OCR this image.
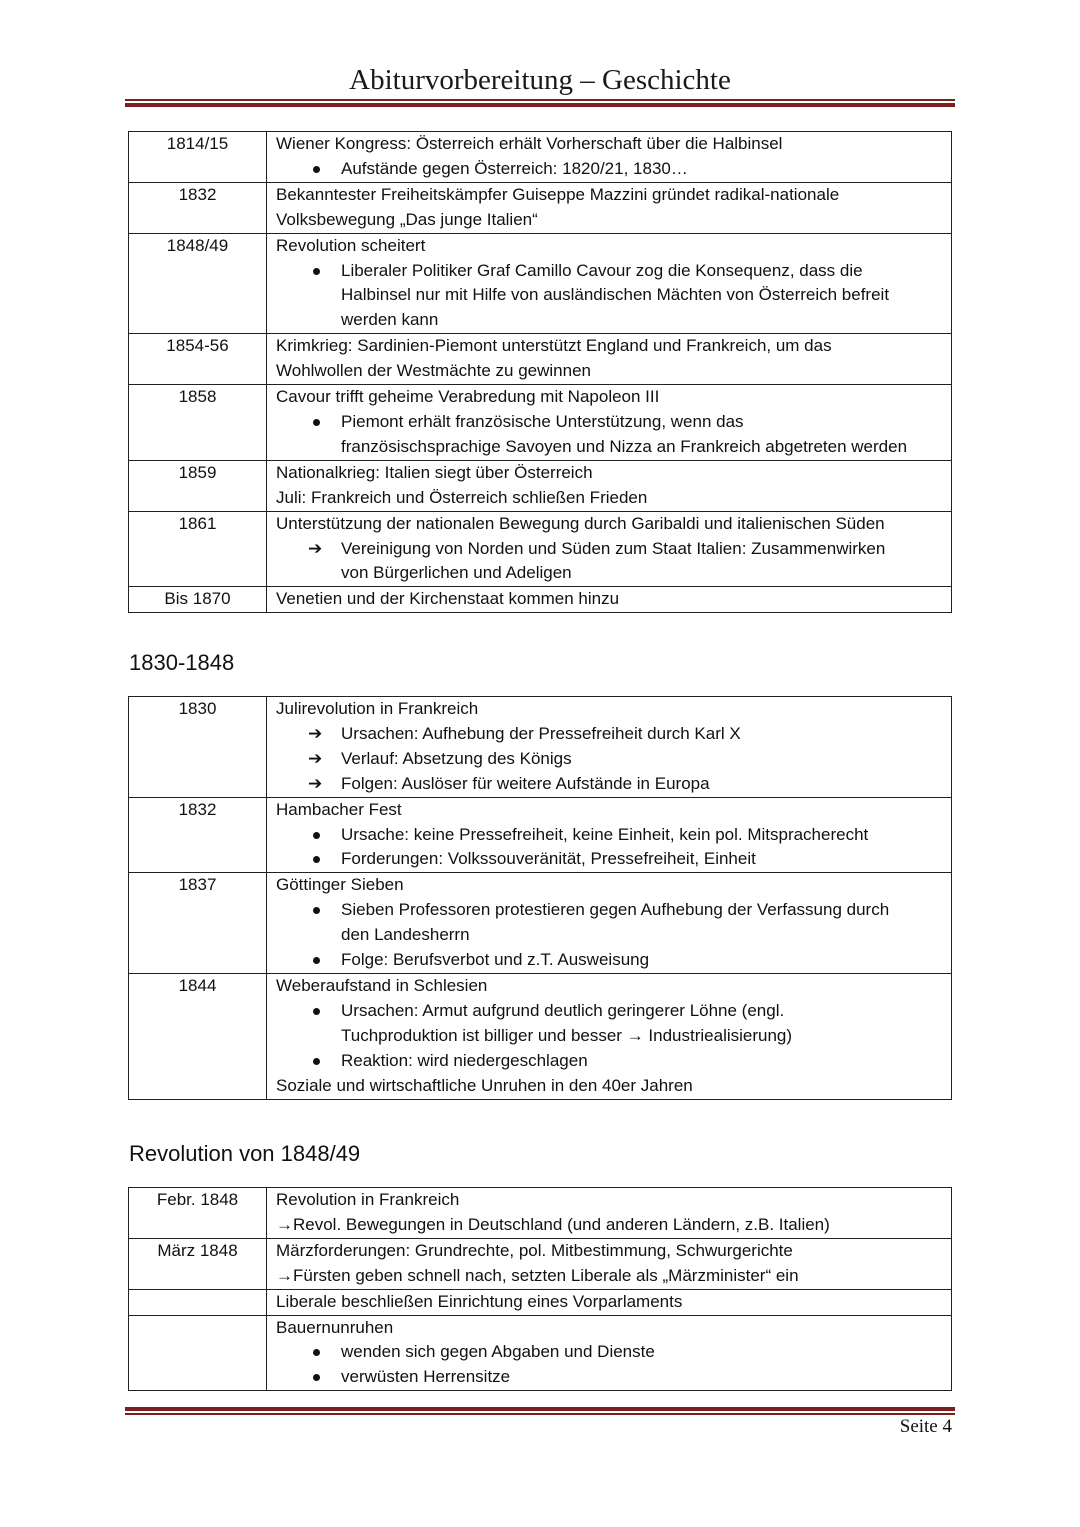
Abiturvorbereitung – Geschichte
1814/15	Wiener Kongress: Österreich erhält Vorherschaft über die Halbinsel
Aufstände gegen Österreich: 1820/21, 1830…

1832	Bekanntester Freiheitskämpfer Guiseppe Mazzini gründet radikal-nationale
Volksbewegung „Das junge Italien“

1848/49	Revolution scheitert
Liberaler Politiker Graf Camillo Cavour zog die Konsequenz, dass die
Halbinsel nur mit Hilfe von ausländischen Mächten von Österreich befreit
werden kann

1854-56	Krimkrieg: Sardinien-Piemont unterstützt England und Frankreich, um das
Wohlwollen der Westmächte zu gewinnen

1858	Cavour trifft geheime Verabredung mit Napoleon III
Piemont erhält französische Unterstützung, wenn das
französischsprachige Savoyen und Nizza an Frankreich abgetreten werden

1859	Nationalkrieg: Italien siegt über Österreich
Juli: Frankreich und Österreich schließen Frieden

1861	Unterstützung der nationalen Bewegung durch Garibaldi und italienischen Süden
Vereinigung von Norden und Süden zum Staat Italien: Zusammenwirken
von Bürgerlichen und Adeligen

Bis 1870	Venetien und der Kirchenstaat kommen hinzu
1830-1848
1830	Julirevolution in Frankreich
Ursachen: Aufhebung der Pressefreiheit durch Karl X
Verlauf: Absetzung des Königs
Folgen: Auslöser für weitere Aufstände in Europa

1832	Hambacher Fest
Ursache: keine Pressefreiheit, keine Einheit, kein pol. Mitspracherecht
Forderungen: Volkssouveränität, Pressefreiheit, Einheit

1837	Göttinger Sieben
Sieben Professoren protestieren gegen Aufhebung der Verfassung durch
den Landesherrn
Folge: Berufsverbot und z.T. Ausweisung

1844	Weberaufstand in Schlesien
Ursachen: Armut aufgrund deutlich geringerer Löhne (engl.
Tuchproduktion ist billiger und besser → Industriealisierung)
Reaktion: wird niedergeschlagen
Soziale und wirtschaftliche Unruhen in den 40er Jahren
Revolution von 1848/49
Febr. 1848	Revolution in Frankreich
→Revol. Bewegungen in Deutschland (und anderen Ländern, z.B. Italien)

März 1848	Märzforderungen: Grundrechte, pol. Mitbestimmung, Schwurgerichte
→Fürsten geben schnell nach, setzten Liberale als „Märzminister“ ein

	Liberale beschließen Einrichtung eines Vorparlaments

	Bauernunruhen
wenden sich gegen Abgaben und Dienste
verwüsten Herrensitze
Seite 4
